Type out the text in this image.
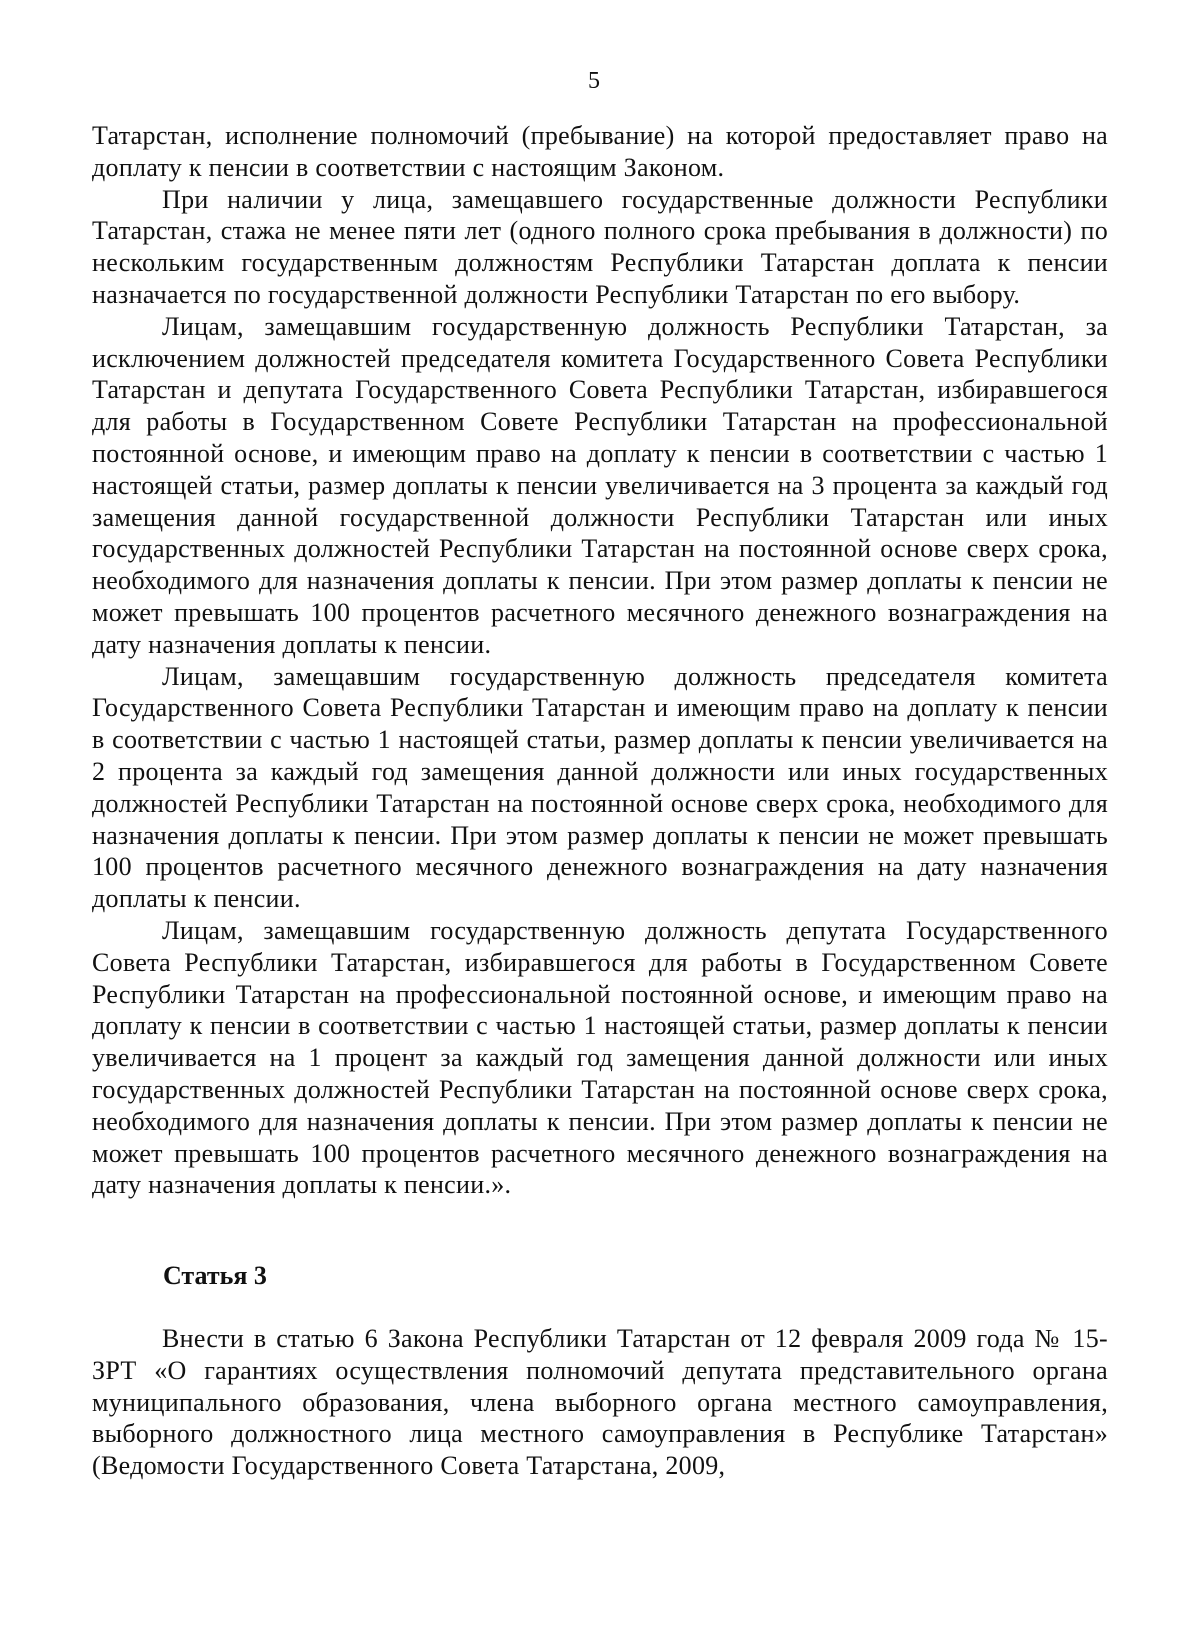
5

Татарстан, исполнение полномочий (пребывание) на которой предоставляет право на доплату к пенсии в соответствии с настоящим Законом.

При наличии у лица, замещавшего государственные должности Республики Татарстан, стажа не менее пяти лет (одного полного срока пребывания в должности) по нескольким государственным должностям Республики Татарстан доплата к пенсии назначается по государственной должности Республики Татарстан по его выбору.

Лицам, замещавшим государственную должность Республики Татарстан, за исключением должностей председателя комитета Государственного Совета Республики Татарстан и депутата Государственного Совета Республики Татарстан, избиравшегося для работы в Государственном Совете Республики Татарстан на профессиональной постоянной основе, и имеющим право на доплату к пенсии в соответствии с частью 1 настоящей статьи, размер доплаты к пенсии увеличивается на 3 процента за каждый год замещения данной государственной должности Республики Татарстан или иных государственных должностей Республики Татарстан на постоянной основе сверх срока, необходимого для назначения доплаты к пенсии. При этом размер доплаты к пенсии не может превышать 100 процентов расчетного месячного денежного вознаграждения на дату назначения доплаты к пенсии.

Лицам, замещавшим государственную должность председателя комитета Государственного Совета Республики Татарстан и имеющим право на доплату к пенсии в соответствии с частью 1 настоящей статьи, размер доплаты к пенсии увеличивается на 2 процента за каждый год замещения данной должности или иных государственных должностей Республики Татарстан на постоянной основе сверх срока, необходимого для назначения доплаты к пенсии. При этом размер доплаты к пенсии не может превышать 100 процентов расчетного месячного денежного вознаграждения на дату назначения доплаты к пенсии.

Лицам, замещавшим государственную должность депутата Государственного Совета Республики Татарстан, избиравшегося для работы в Государственном Совете Республики Татарстан на профессиональной постоянной основе, и имеющим право на доплату к пенсии в соответствии с частью 1 настоящей статьи, размер доплаты к пенсии увеличивается на 1 процент за каждый год замещения данной должности или иных государственных должностей Республики Татарстан на постоянной основе сверх срока, необходимого для назначения доплаты к пенсии. При этом размер доплаты к пенсии не может превышать 100 процентов расчетного месячного денежного вознаграждения на дату назначения доплаты к пенсии.».

Статья 3

Внести в статью 6 Закона Республики Татарстан от 12 февраля 2009 года № 15-ЗРТ «О гарантиях осуществления полномочий депутата представительного органа муниципального образования, члена выборного органа местного самоуправления, выборного должностного лица местного самоуправления в Республике Татарстан» (Ведомости Государственного Совета Татарстана, 2009,
